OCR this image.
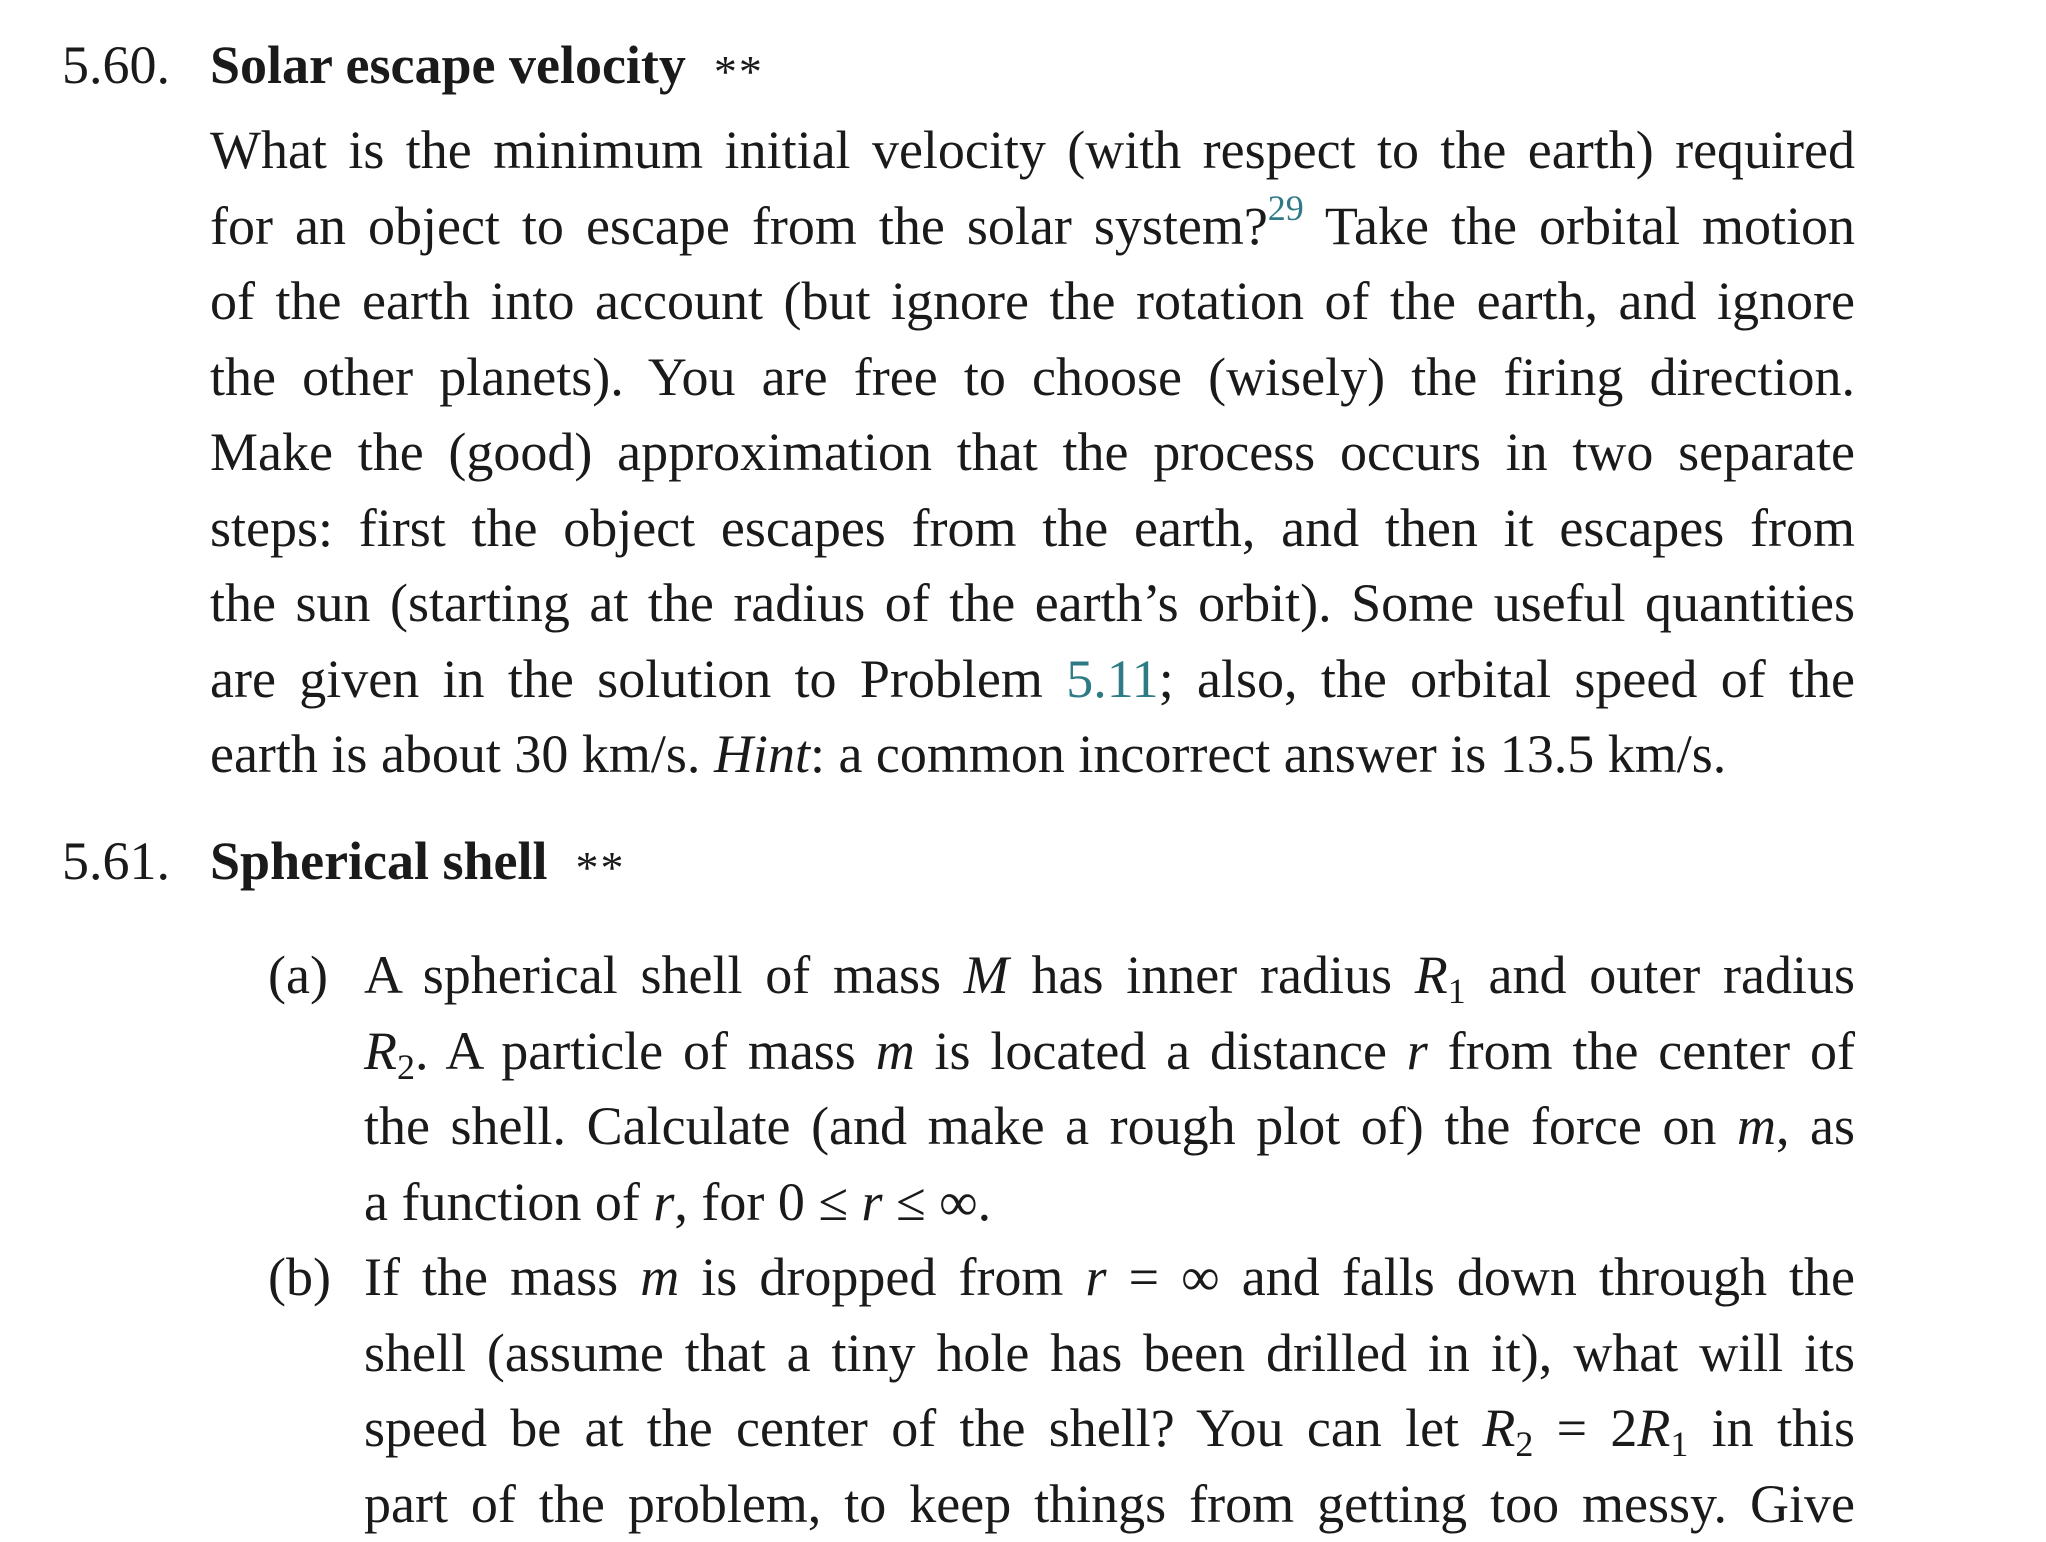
5.60. Solar escape velocity **
What is the minimum initial velocity (with respect to the earth) required
for an object to escape from the solar system?$^{29}$ Take the orbital motion
of the earth into account (but ignore the rotation of the earth, and ignore
the other planets). You are free to choose (wisely) the firing direction.
Make the (good) approximation that the process occurs in two separate
steps: first the object escapes from the earth, and then it escapes from
the sun (starting at the radius of the earth’s orbit). Some useful quantities
are given in the solution to Problem 5.11; also, the orbital speed of the
earth is about 30 km/s. Hint: a common incorrect answer is 13.5 km/s.
5.61. Spherical shell **
(a) A spherical shell of mass M has inner radius $R_1$ and outer radius
$R_2$. A particle of mass m is located a distance r from the center of
the shell. Calculate (and make a rough plot of) the force on m, as
a function of r, for 0 ≤ r ≤ ∞.
(b) If the mass m is dropped from r = ∞ and falls down through the
shell (assume that a tiny hole has been drilled in it), what will its
speed be at the center of the shell? You can let $R_2 = 2R_1$ in this
part of the problem, to keep things from getting too messy. Give
